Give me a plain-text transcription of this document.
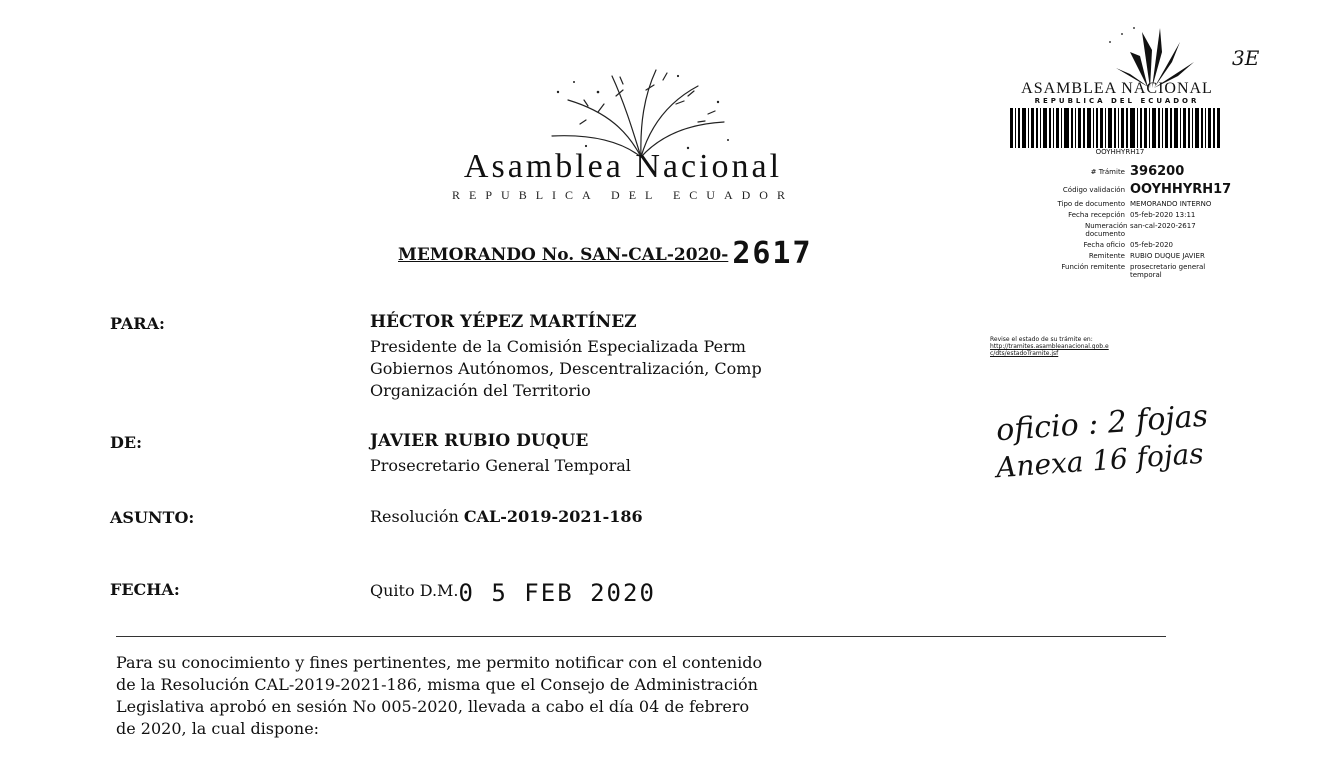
Asamblea Nacional
REPUBLICA DEL ECUADOR
MEMORANDO No. SAN-CAL-2020- 2617
PARA:	HÉCTOR YÉPEZ MARTÍNEZ
Presidente de la Comisión Especializada Perm
Gobiernos Autónomos, Descentralización, Comp
Organización del Territorio
DE:	JAVIER RUBIO DUQUE
Prosecretario General Temporal
ASUNTO:	Resolución CAL-2019-2021-186
FECHA:	Quito D.M.0 5 FEB 2020
Para su conocimiento y fines pertinentes, me permito notificar con el contenido
de la Resolución CAL-2019-2021-186, misma que el Consejo de Administración
Legislativa aprobó en sesión No 005-2020, llevada a cabo el día 04 de febrero
de 2020, la cual dispone:
3E
ASAMBLEA NACIONAL
REPUBLICA DEL ECUADOR
OOYHHYRH17
# Trámite 396200
Código validación OOYHHYRH17
Tipo de documento MEMORANDO INTERNO
Fecha recepción 05-feb-2020 13:11
Numeración documento
san-cal-2020-2617
Fecha oficio 05-feb-2020
Remitente RUBIO DUQUE JAVIER
Función remitente prosecretario general temporal
Revise el estado de su trámite en:
http://tramites.asambleanacional.gob.ec/dts/estadoTramite.jsf
oficio : 2 fojas
Anexa 16 fojas
